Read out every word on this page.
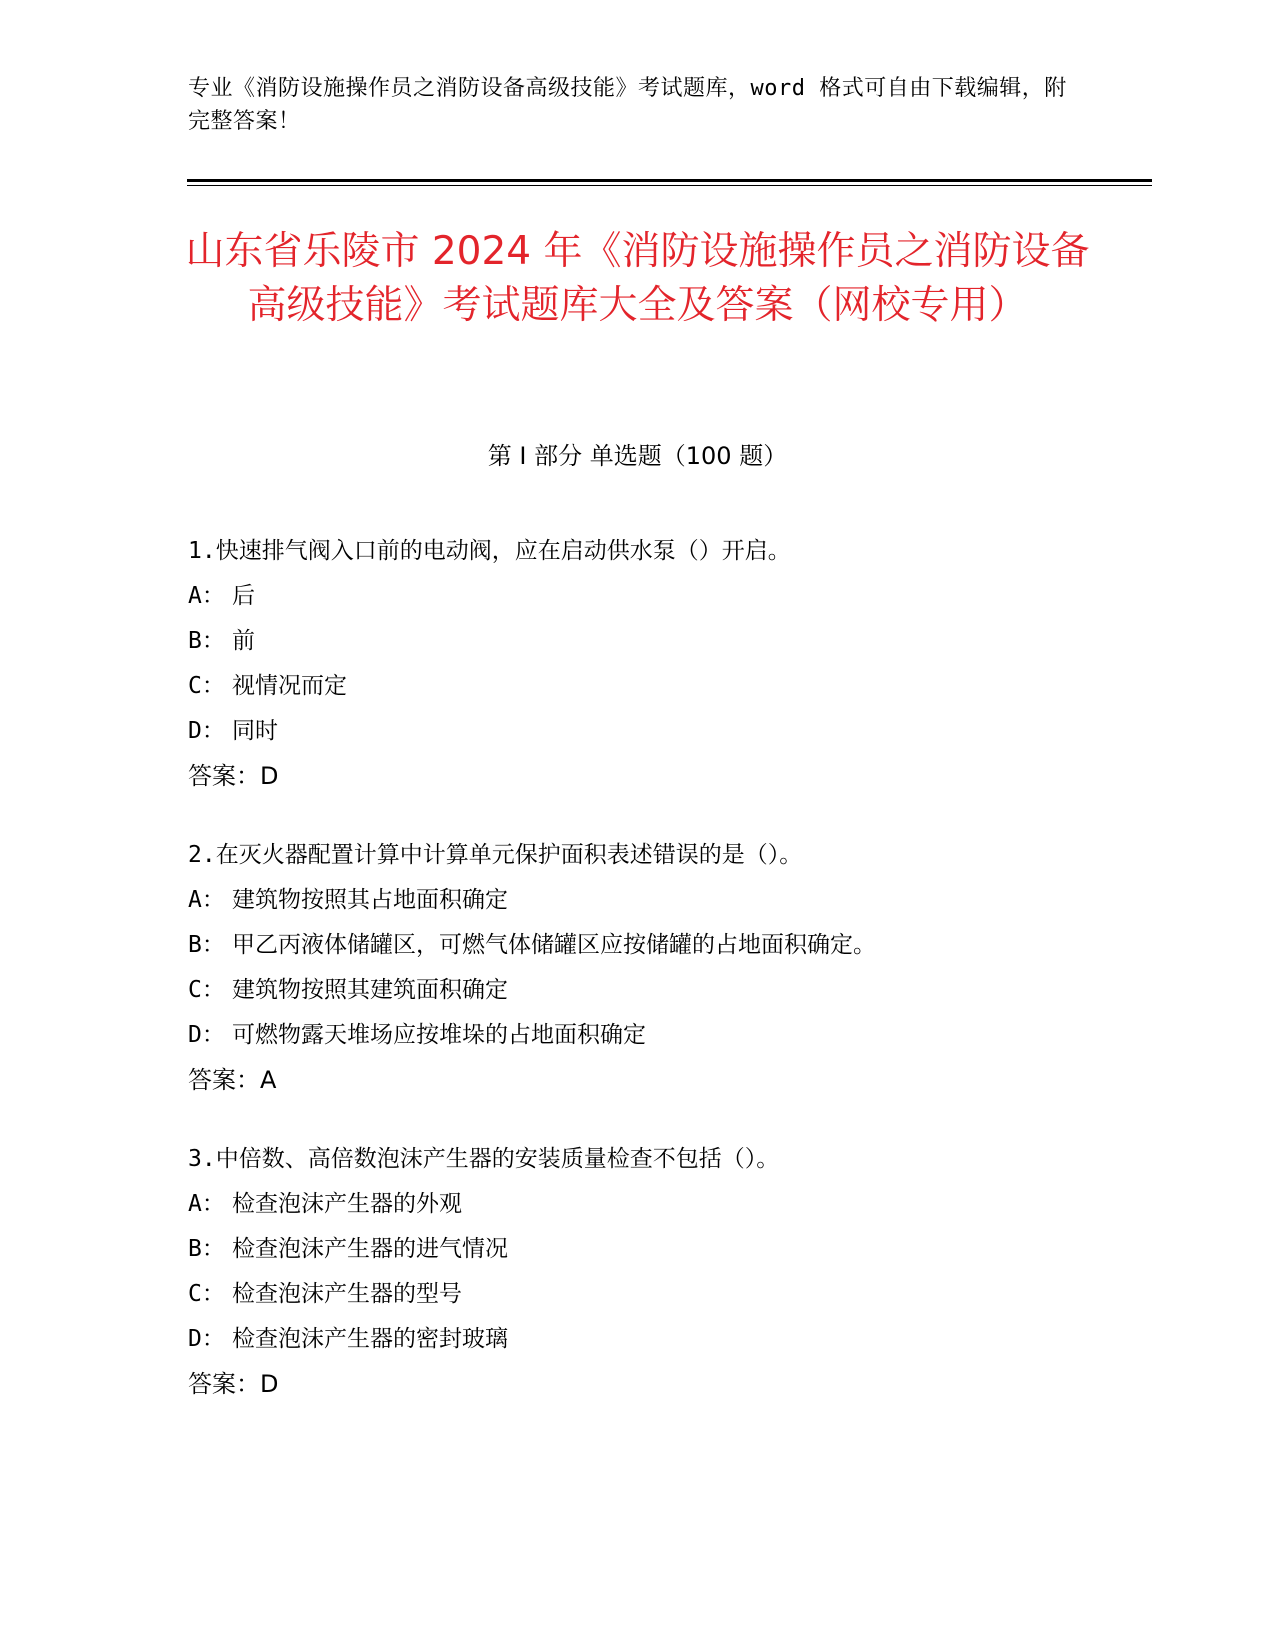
专业《消防设施操作员之消防设备高级技能》考试题库，word 格式可自由下载编辑，附完整答案！
山东省乐陵市 2024 年《消防设施操作员之消防设备高级技能》考试题库大全及答案（网校专用）
第 I 部分 单选题（100 题）
1.快速排气阀入口前的电动阀，应在启动供水泵（）开启。
A： 后
B： 前
C： 视情况而定
D： 同时
答案：D
2.在灭火器配置计算中计算单元保护面积表述错误的是（）。
A： 建筑物按照其占地面积确定
B： 甲乙丙液体储罐区，可燃气体储罐区应按储罐的占地面积确定。
C： 建筑物按照其建筑面积确定
D： 可燃物露天堆场应按堆垛的占地面积确定
答案：A
3.中倍数、高倍数泡沫产生器的安装质量检查不包括（）。
A： 检查泡沫产生器的外观
B： 检查泡沫产生器的进气情况
C： 检查泡沫产生器的型号
D： 检查泡沫产生器的密封玻璃
答案：D
